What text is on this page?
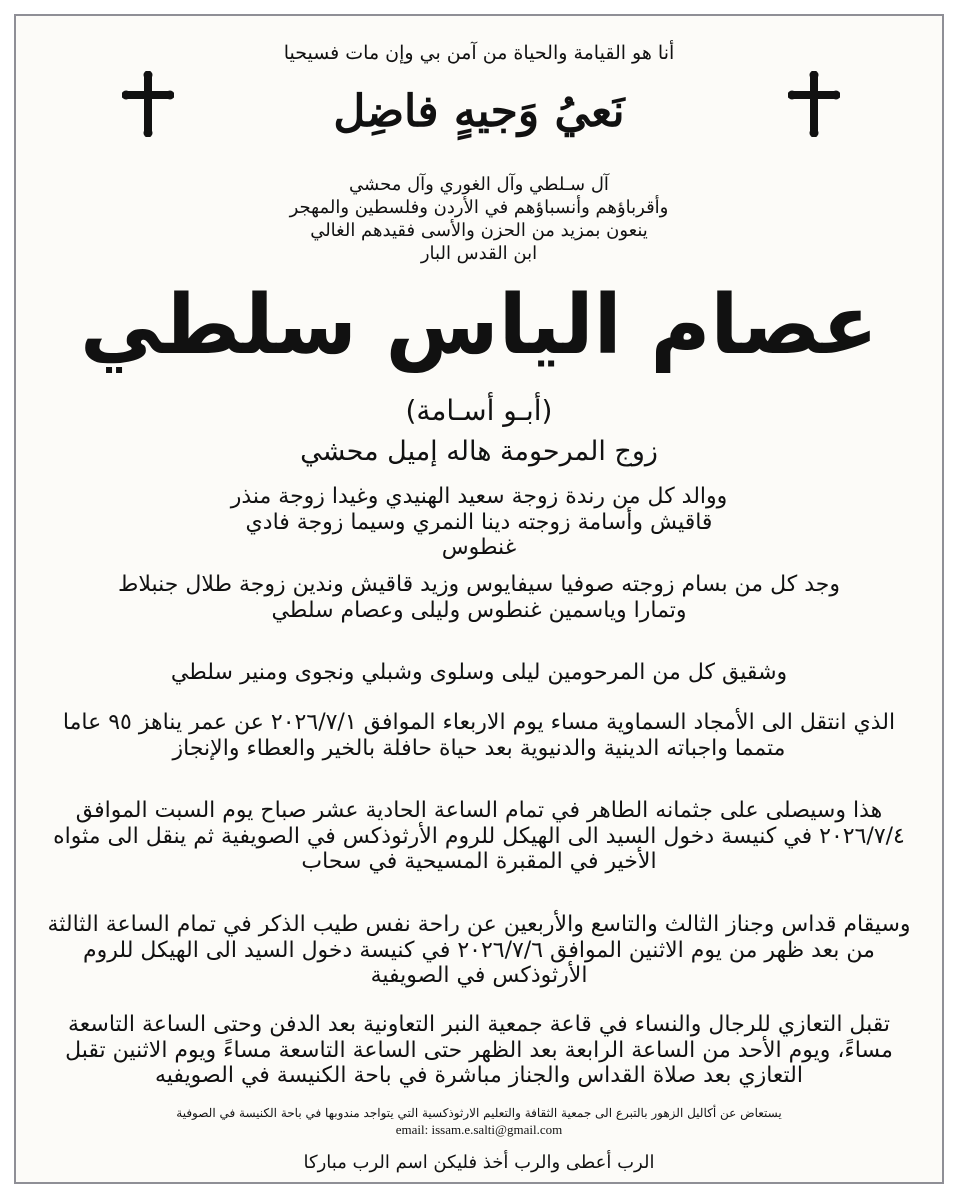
أنا هو القيامة والحياة من آمن بي وإن مات فسيحيا
نَعيُ وَجيهٍ فاضِل
آل سـلطي وآل الغوري وآل محشي
وأقرباؤهم وأنسباؤهم في الأردن وفلسطين والمهجر
ينعون بمزيد من الحزن والأسى فقيدهم الغالي
ابن القدس البار
عصام الياس سلطي
(أبـو أسـامة)
زوج المرحومة هاله إميل محشي
ووالد كل من رندة زوجة سعيد الهنيدي وغيدا زوجة منذر قاقيش وأسامة زوجته دينا النمري وسيما زوجة فادي غنطوس
وجد كل من بسام زوجته صوفيا سيفايوس وزيد قاقيش وندين زوجة طلال جنبلاط وتمارا وياسمين غنطوس وليلى وعصام سلطي
وشقيق كل من المرحومين ليلى وسلوى وشبلي ونجوى ومنير سلطي
الذي انتقل الى الأمجاد السماوية مساء يوم الاربعاء الموافق ٢٠٢٦/٧/١ عن عمر يناهز ٩٥ عاما متمما واجباته الدينية والدنيوية بعد حياة حافلة بالخير والعطاء والإنجاز
هذا وسيصلى على جثمانه الطاهر في تمام الساعة الحادية عشر صباح يوم السبت الموافق ٢٠٢٦/٧/٤ في كنيسة دخول السيد الى الهيكل للروم الأرثوذكس في الصويفية ثم ينقل الى مثواه الأخير في المقبرة المسيحية في سحاب
وسيقام قداس وجناز الثالث والتاسع والأربعين عن راحة نفس طيب الذكر في تمام الساعة الثالثة من بعد ظهر من يوم الاثنين الموافق ٢٠٢٦/٧/٦ في كنيسة دخول السيد الى الهيكل للروم الأرثوذكس في الصويفية
تقبل التعازي للرجال والنساء في قاعة جمعية النبر التعاونية بعد الدفن وحتى الساعة التاسعة مساءً، ويوم الأحد من الساعة الرابعة بعد الظهر حتى الساعة التاسعة مساءً ويوم الاثنين تقبل التعازي بعد صلاة القداس والجناز مباشرة في باحة الكنيسة في الصويفيه
يستعاض عن أكاليل الزهور بالتبرع الى جمعية الثقافة والتعليم الارثوذكسية التي يتواجد مندوبها في باحة الكنيسة في الصوفية
email: issam.e.salti@gmail.com
الرب أعطى والرب أخذ فليكن اسم الرب مباركا
